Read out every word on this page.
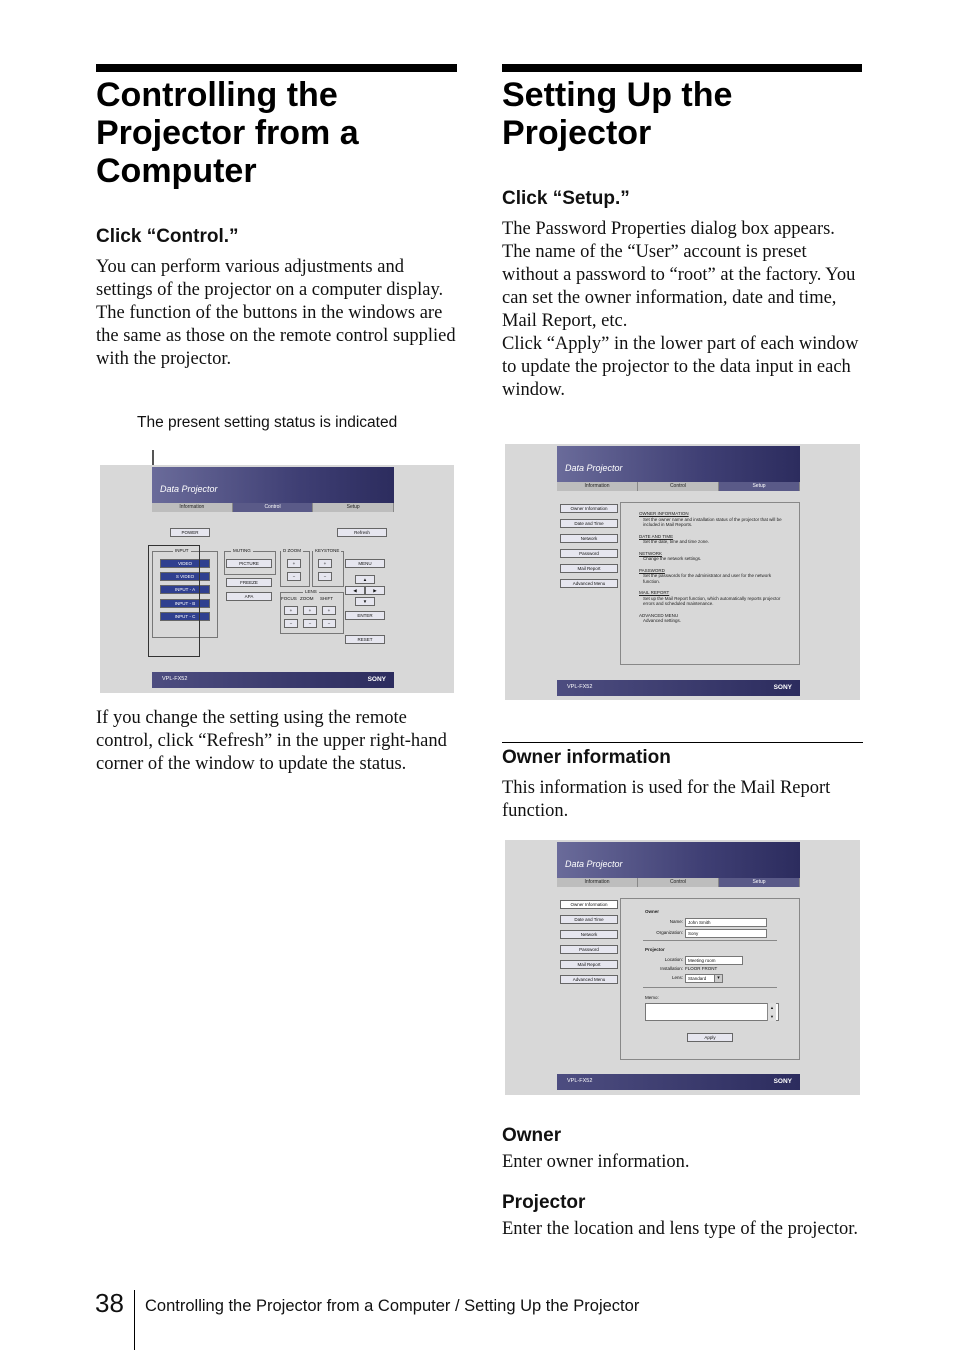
Controlling the Projector from a Computer
Click “Control.”

You can perform various adjustments and settings of the projector on a computer display.
The function of the buttons in the windows are the same as those on the remote control supplied with the projector.

The present setting status is indicated
Data Projector
Information	Control	Setup
POWER	Refresh
INPUT
VIDEO
S VIDEO
INPUT - A
INPUT - B
INPUT - C
MUTING
PICTURE
FREEZE
APA
D ZOOM
+
−
KEYSTONE
+
−
LENS
FOCUS ZOOM SHIFT
+	+	+
−	−	−
MENU
▲
◀	▶
▼
ENTER
RESET
VPL-FX52	SONY

If you change the setting using the remote control, click “Refresh” in the upper right-hand corner of the window to update the status.

Setting Up the Projector
Click “Setup.”

The Password Properties dialog box appears.
The name of the “User” account is preset without a password to “root” at the factory. You can set the owner information, date and time, Mail Report, etc.
Click “Apply” in the lower part of each window to update the projector to the data input in each window.

Data Projector
Information	Control	Setup
Owner Information
Date and Time
Network
Password
Mail Report
Advanced Menu
OWNER INFORMATION
Set the owner name and installation status of the projector that will be included in Mail Reports.
DATE AND TIME
Set the date, time and time zone.
NETWORK
Change the network settings.
PASSWORD
Set the passwords for the administrator and user for the network function.
MAIL REPORT
Set up the Mail Report function, which automatically reports projector errors and scheduled maintenance.
ADVANCED MENU
Advanced settings.
VPL-FX52	SONY
Owner information

This information is used for the Mail Report function.

Data Projector
Information	Control	Setup
Owner Information
Date and Time
Network
Password
Mail Report
Advanced Menu
Owner
Name:	John Smith
Organization:	Sony
Projector
Location:	Meeting room
Installation: FLOOR FRONT
Lens:	Standard	▾
Memo:
▲
▼
Apply
VPL-FX52	SONY
Owner

Enter owner information.

Projector

Enter the location and lens type of the projector.

38 Controlling the Projector from a Computer / Setting Up the Projector
